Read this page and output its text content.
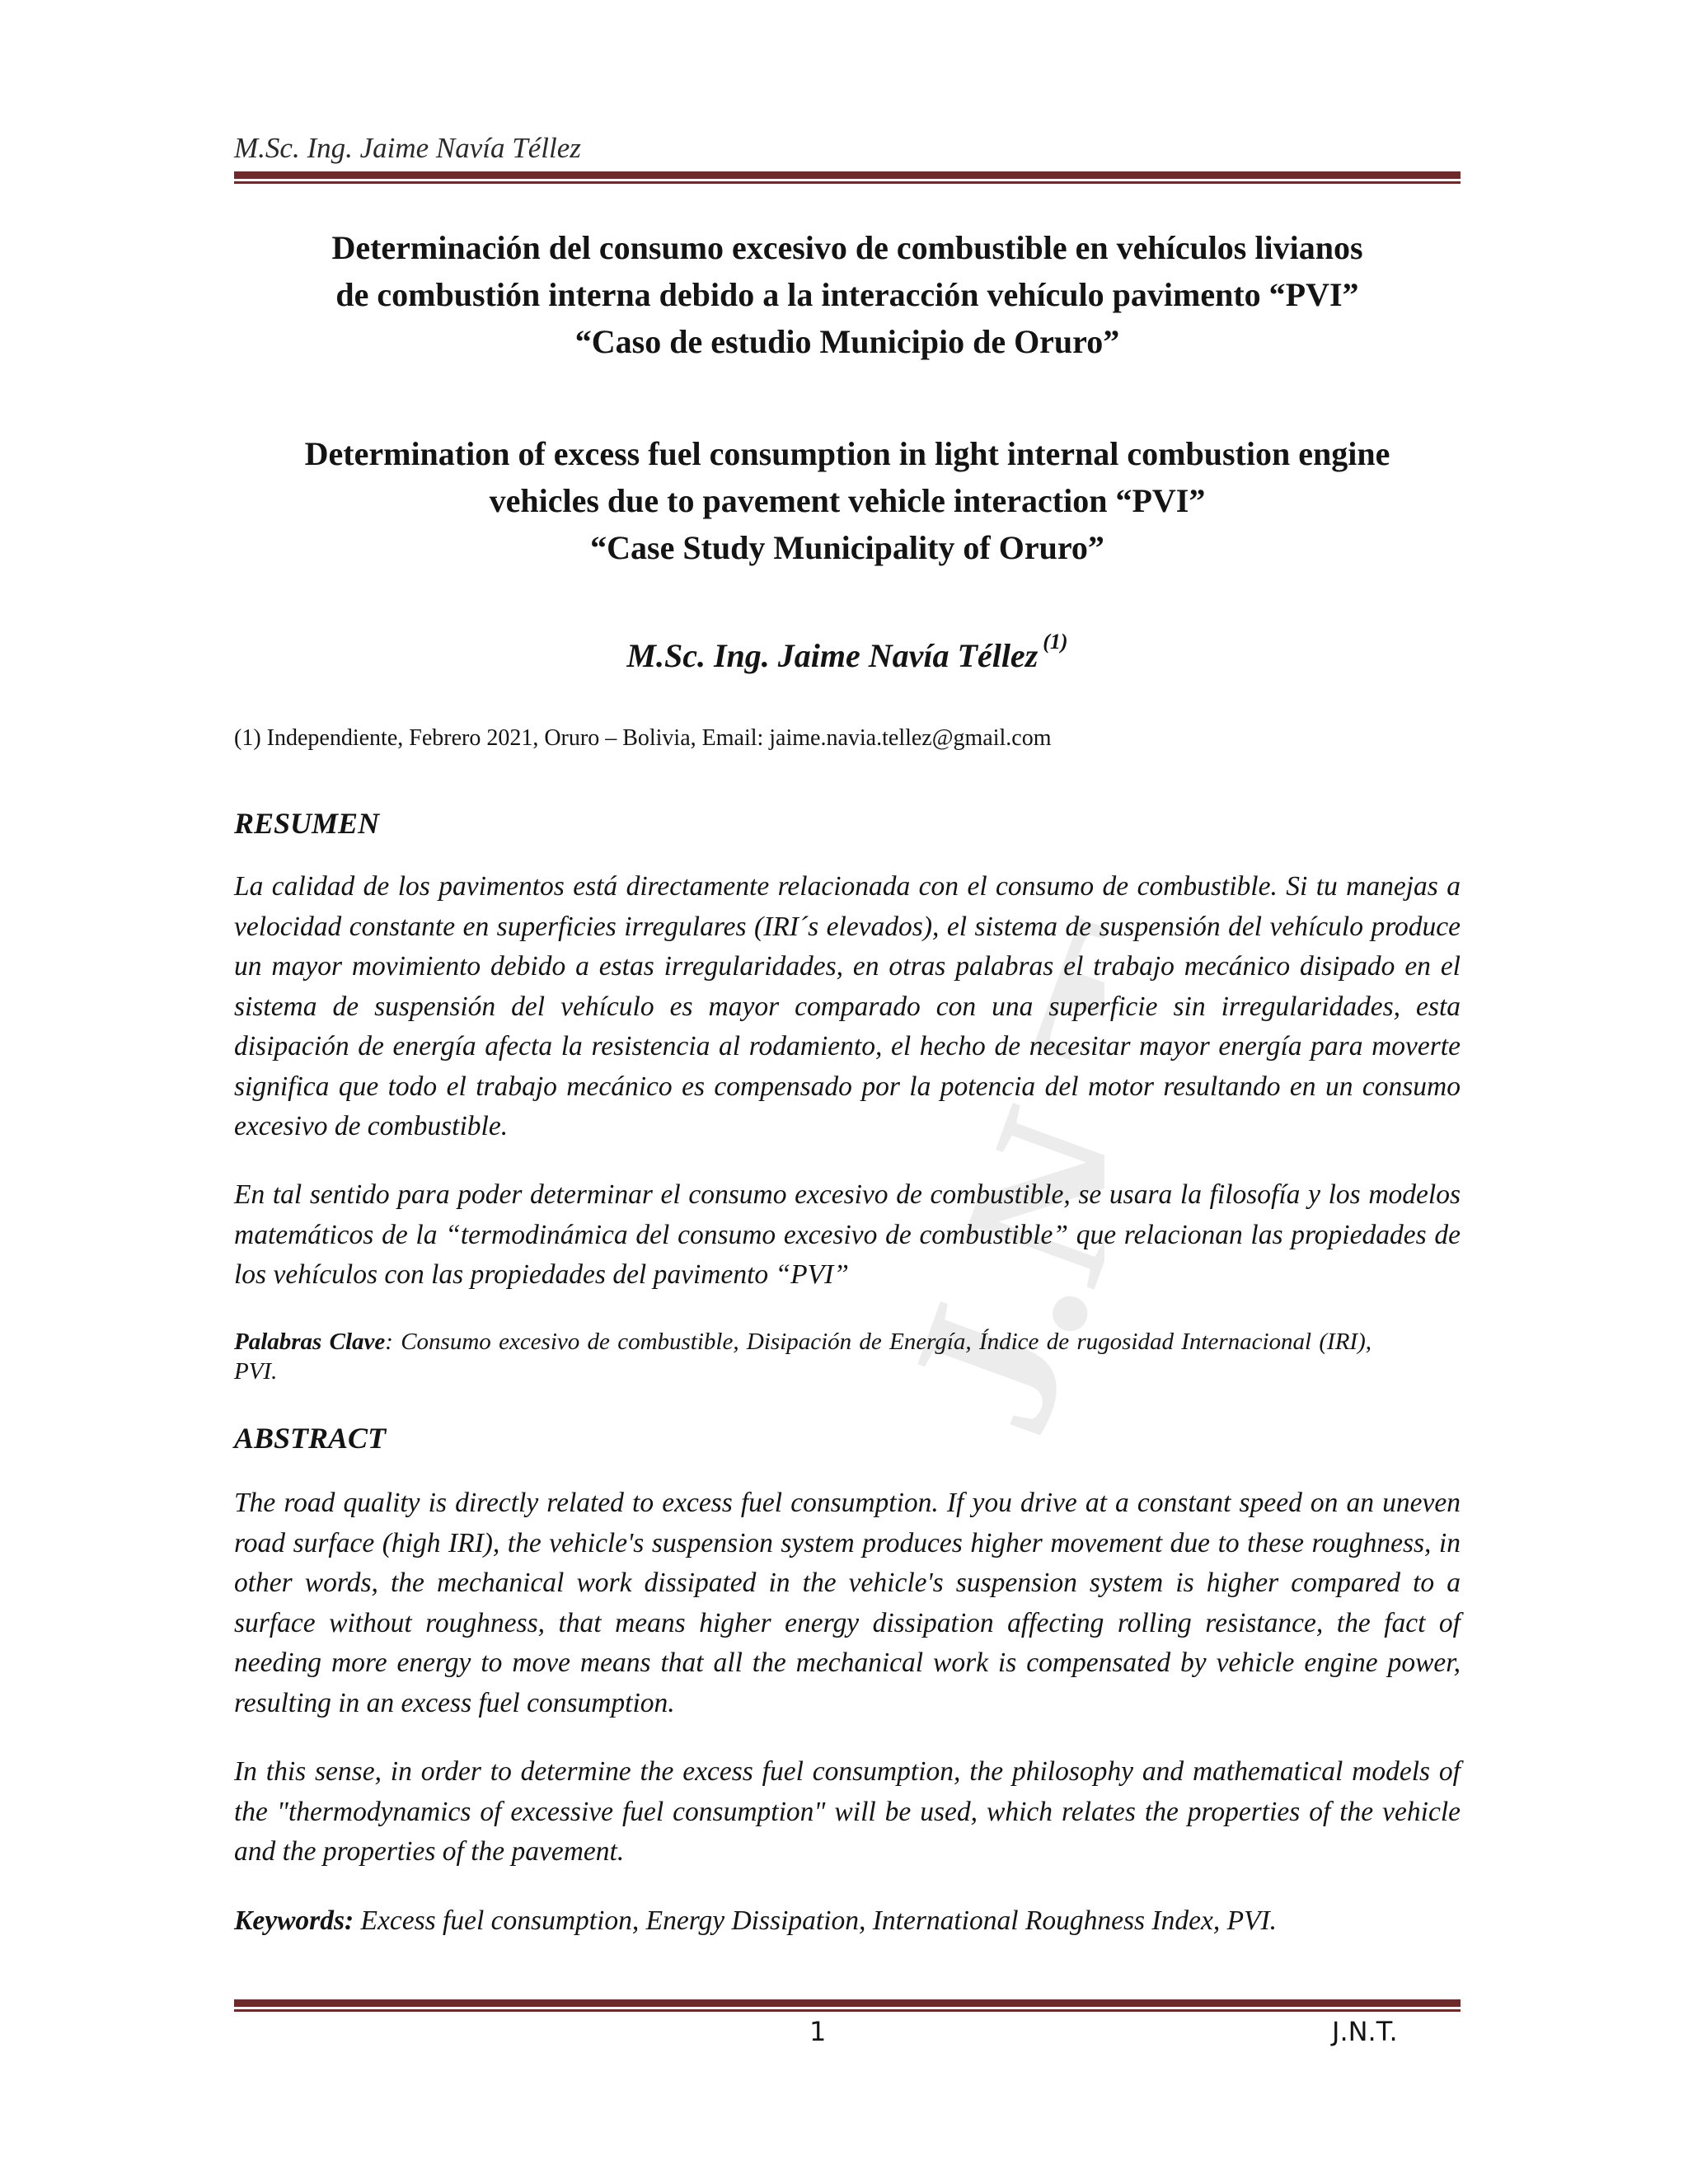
J.N.T.
M.Sc. Ing. Jaime Navía Téllez
Determinación del consumo excesivo de combustible en vehículos livianos
de combustión interna debido a la interacción vehículo pavimento “PVI”
“Caso de estudio Municipio de Oruro”
Determination of excess fuel consumption in light internal combustion engine
vehicles due to pavement vehicle interaction “PVI”
“Case Study Municipality of Oruro”
M.Sc. Ing. Jaime Navía Téllez $^{(1)}$
(1) Independiente, Febrero 2021, Oruro – Bolivia, Email: jaime.navia.tellez@gmail.com
RESUMEN
La calidad de los pavimentos está directamente relacionada con el consumo de combustible. Si tu manejas a velocidad constante en superficies irregulares (IRI´s elevados), el sistema de suspensión del vehículo produce un mayor movimiento debido a estas irregularidades, en otras palabras el trabajo mecánico disipado en el sistema de suspensión del vehículo es mayor comparado con una superficie sin irregularidades, esta disipación de energía afecta la resistencia al rodamiento, el hecho de necesitar mayor energía para moverte significa que todo el trabajo mecánico es compensado por la potencia del motor resultando en un consumo excesivo de combustible.
En tal sentido para poder determinar el consumo excesivo de combustible, se usara la filosofía y los modelos matemáticos de la “termodinámica del consumo excesivo de combustible” que relacionan las propiedades de los vehículos con las propiedades del pavimento “PVI”
Palabras Clave: Consumo excesivo de combustible, Disipación de Energía, Índice de rugosidad Internacional (IRI), PVI.
ABSTRACT
The road quality is directly related to excess fuel consumption. If you drive at a constant speed on an uneven road surface (high IRI), the vehicle's suspension system produces higher movement due to these roughness, in other words, the mechanical work dissipated in the vehicle's suspension system is higher compared to a surface without roughness, that means higher energy dissipation affecting rolling resistance, the fact of needing more energy to move means that all the mechanical work is compensated by vehicle engine power, resulting in an excess fuel consumption.
In this sense, in order to determine the excess fuel consumption, the philosophy and mathematical models of the "thermodynamics of excessive fuel consumption" will be used, which relates the properties of the vehicle and the properties of the pavement.
Keywords: Excess fuel consumption, Energy Dissipation, International Roughness Index, PVI.
1	J.N.T.
